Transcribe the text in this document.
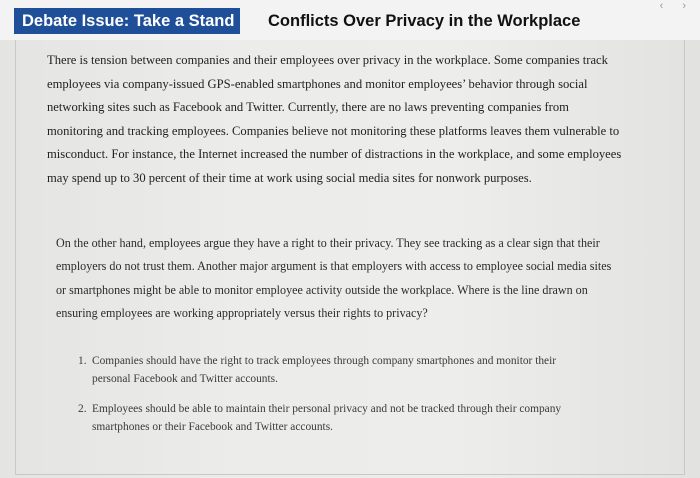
Debate Issue: Take a Stand	Conflicts Over Privacy in the Workplace
‹ ›

There is tension between companies and their employees over privacy in the workplace. Some companies track employees via company-issued GPS-enabled smartphones and monitor employees’ behavior through social networking sites such as Facebook and Twitter. Currently, there are no laws preventing companies from monitoring and tracking employees. Companies believe not monitoring these platforms leaves them vulnerable to misconduct. For instance, the Internet increased the number of distractions in the workplace, and some employees may spend up to 30 percent of their time at work using social media sites for nonwork purposes.

On the other hand, employees argue they have a right to their privacy. They see tracking as a clear sign that their employers do not trust them. Another major argument is that employers with access to employee social media sites or smartphones might be able to monitor employee activity outside the workplace. Where is the line drawn on ensuring employees are working appropriately versus their rights to privacy?

1. Companies should have the right to track employees through company smartphones and monitor their personal Facebook and Twitter accounts.
2. Employees should be able to maintain their personal privacy and not be tracked through their company smartphones or their Facebook and Twitter accounts.
